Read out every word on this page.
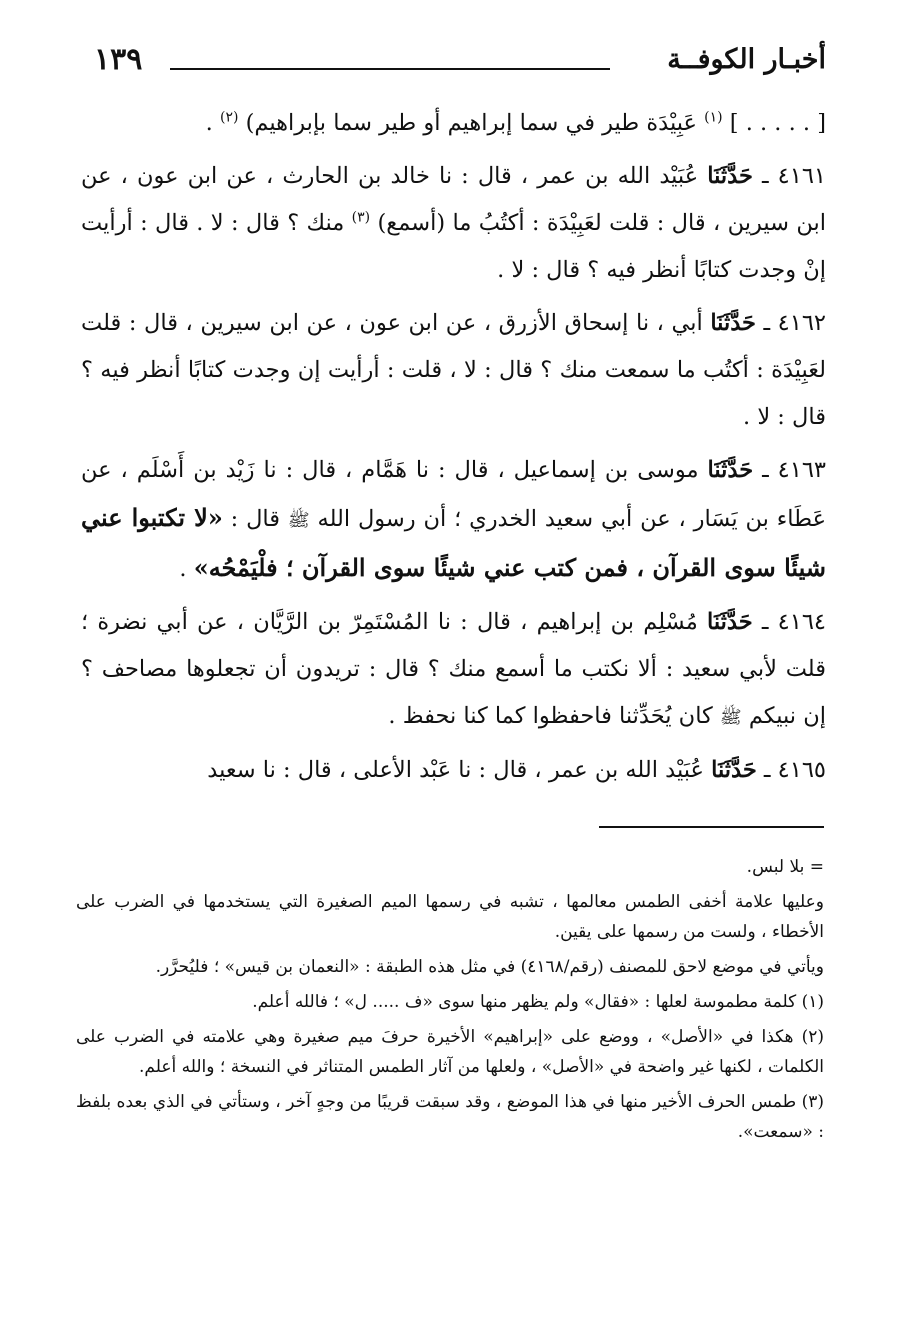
١٣٩	أخبـار الكوفــة

[ . . . . . ] $^{(١)}$ عَبِيْدَة طير في سما إبراهيم أو طير سما بإبراهيم) $^{(٢)}$ .

٤١٦١ ـ حَدَّثَنَا عُبَيْد الله بن عمر ، قال : نا خالد بن الحارث ، عن ابن عون ، عن ابن سيرين ، قال : قلت لعَبِيْدَة : أكتُبُ ما (أسمع) $^{(٣)}$ منك ؟ قال : لا . قال : أرأيت إنْ وجدت كتابًا أنظر فيه ؟ قال : لا .

٤١٦٢ ـ حَدَّثَنَا أبي ، نا إسحاق الأزرق ، عن ابن عون ، عن ابن سيرين ، قال : قلت لعَبِيْدَة : أكتُب ما سمعت منك ؟ قال : لا ، قلت : أرأيت إن وجدت كتابًا أنظر فيه ؟ قال : لا .

٤١٦٣ ـ حَدَّثَنَا موسى بن إسماعيل ، قال : نا هَمَّام ، قال : نا زَيْد بن أَسْلَم ، عن عَطَاء بن يَسَار ، عن أبي سعيد الخدري ؛ أن رسول الله ﷺ قال : «لا تكتبوا عني شيئًا سوى القرآن ، فمن كتب عني شيئًا سوى القرآن ؛ فلْيَمْحُه» .

٤١٦٤ ـ حَدَّثَنَا مُسْلِم بن إبراهيم ، قال : نا المُسْتَمِرّ بن الرَّيَّان ، عن أبي نضرة ؛ قلت لأبي سعيد : ألا نكتب ما أسمع منك ؟ قال : تريدون أن تجعلوها مصاحف ؟ إن نبيكم ﷺ كان يُحَدِّثنا فاحفظوا كما كنا نحفظ .

٤١٦٥ ـ حَدَّثَنَا عُبَيْد الله بن عمر ، قال : نا عَبْد الأعلى ، قال : نا سعيد

= بلا لبس.

وعليها علامة أخفى الطمس معالمها ، تشبه في رسمها الميم الصغيرة التي يستخدمها في الضرب على الأخطاء ، ولست من رسمها على يقين.

ويأتي في موضع لاحق للمصنف (رقم/٤١٦٨) في مثل هذه الطبقة : «النعمان بن قيس» ؛ فليُحرَّر.

(١) كلمة مطموسة لعلها : «فقال» ولم يظهر منها سوى «ف ..... ل» ؛ فالله أعلم.

(٢) هكذا في «الأصل» ، ووضع على «إبراهيم» الأخيرة حرفَ ميم صغيرة وهي علامته في الضرب على الكلمات ، لكنها غير واضحة في «الأصل» ، ولعلها من آثار الطمس المتناثر في النسخة ؛ والله أعلم.

(٣) طمس الحرف الأخير منها في هذا الموضع ، وقد سبقت قريبًا من وجهٍ آخر ، وستأتي في الذي بعده بلفظ : «سمعت».
